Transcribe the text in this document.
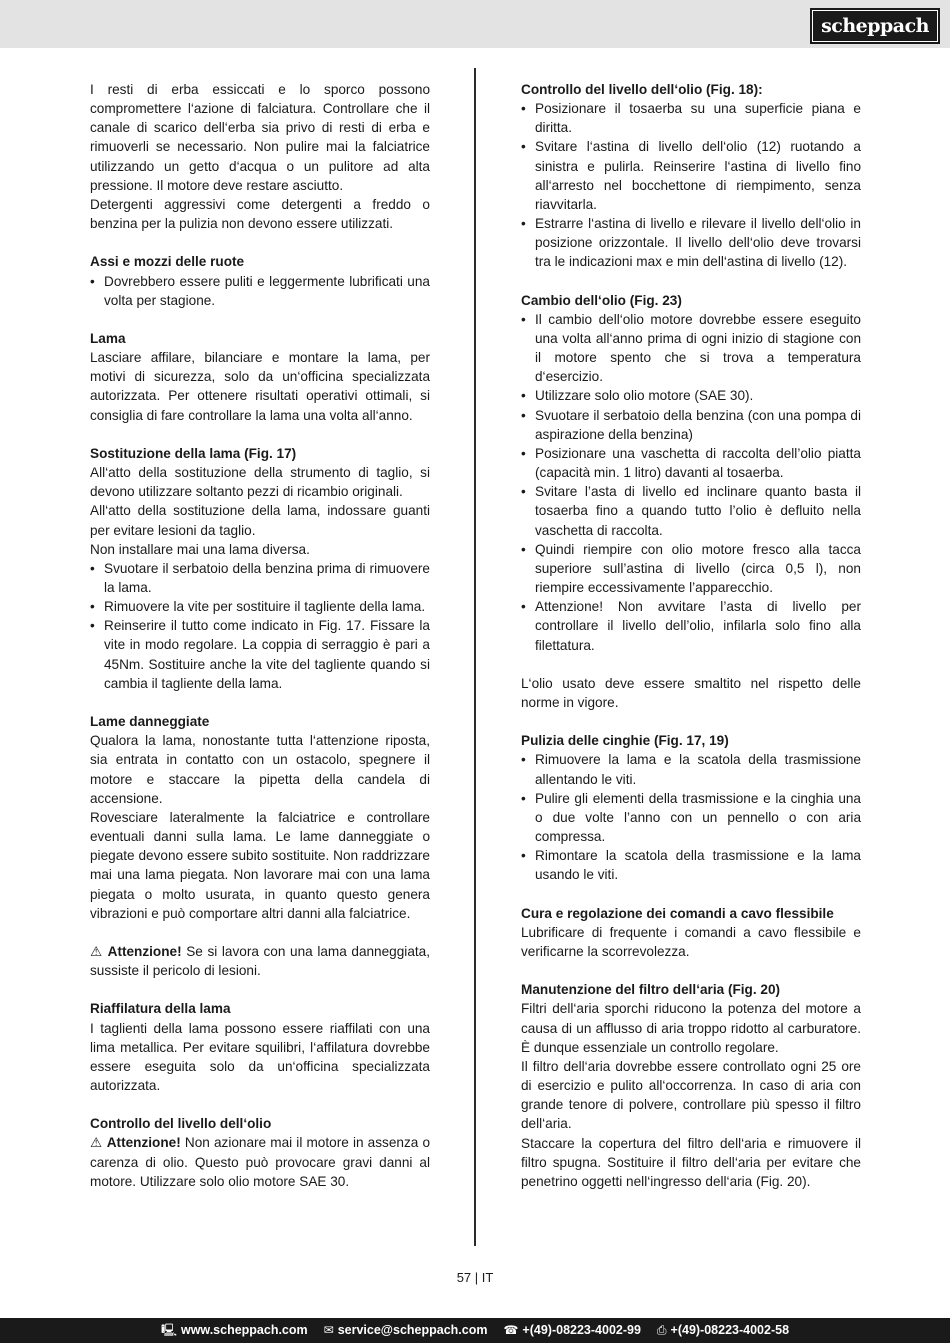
scheppach

I resti di erba essiccati e lo sporco possono compromettere l‘azione di falciatura. Controllare che il canale di scarico dell‘erba sia privo di resti di erba e rimuoverli se necessario. Non pulire mai la falciatrice utilizzando un getto d‘acqua o un pulitore ad alta pressione. Il motore deve restare asciutto.

Detergenti aggressivi come detergenti a freddo o benzina per la pulizia non devono essere utilizzati.

Assi e mozzi delle ruote

• Dovrebbero essere puliti e leggermente lubrificati una volta per stagione.

Lama

Lasciare affilare, bilanciare e montare la lama, per motivi di sicurezza, solo da un‘officina specializzata autorizzata. Per ottenere risultati operativi ottimali, si consiglia di fare controllare la lama una volta all‘anno.

Sostituzione della lama (Fig. 17)

All‘atto della sostituzione della strumento di taglio, si devono utilizzare soltanto pezzi di ricambio originali.

All‘atto della sostituzione della lama, indossare guanti per evitare lesioni da taglio.

Non installare mai una lama diversa.

• Svuotare il serbatoio della benzina prima di rimuovere la lama.
• Rimuovere la vite per sostituire il tagliente della lama.
• Reinserire il tutto come indicato in Fig. 17. Fissare la vite in modo regolare. La coppia di serraggio è pari a 45Nm. Sostituire anche la vite del tagliente quando si cambia il tagliente della lama.

Lame danneggiate

Qualora la lama, nonostante tutta l‘attenzione riposta, sia entrata in contatto con un ostacolo, spegnere il motore e staccare la pipetta della candela di accensione.

Rovesciare lateralmente la falciatrice e controllare eventuali danni sulla lama. Le lame danneggiate o piegate devono essere subito sostituite. Non raddrizzare mai una lama piegata. Non lavorare mai con una lama piegata o molto usurata, in quanto questo genera vibrazioni e può comportare altri danni alla falciatrice.

⚠ Attenzione! Se si lavora con una lama danneggiata, sussiste il pericolo di lesioni.

Riaffilatura della lama

I taglienti della lama possono essere riaffilati con una lima metallica. Per evitare squilibri, l‘affilatura dovrebbe essere eseguita solo da un‘officina specializzata autorizzata.

Controllo del livello dell‘olio

⚠ Attenzione! Non azionare mai il motore in assenza o carenza di olio. Questo può provocare gravi danni al motore. Utilizzare solo olio motore SAE 30.

Controllo del livello dell‘olio (Fig. 18):

• Posizionare il tosaerba su una superficie piana e diritta.
• Svitare l‘astina di livello dell‘olio (12) ruotando a sinistra e pulirla. Reinserire l‘astina di livello fino all‘arresto nel bocchettone di riempimento, senza riavvitarla.
• Estrarre l‘astina di livello e rilevare il livello dell‘olio in posizione orizzontale. Il livello dell‘olio deve trovarsi tra le indicazioni max e min dell‘astina di livello (12).

Cambio dell‘olio (Fig. 23)

• Il cambio dell‘olio motore dovrebbe essere eseguito una volta all‘anno prima di ogni inizio di stagione con il motore spento che si trova a temperatura d‘esercizio.
• Utilizzare solo olio motore (SAE 30).
• Svuotare il serbatoio della benzina (con una pompa di aspirazione della benzina)
• Posizionare una vaschetta di raccolta dell’olio piatta (capacità min. 1 litro) davanti al tosaerba.
• Svitare l’asta di livello ed inclinare quanto basta il tosaerba fino a quando tutto l’olio è defluito nella vaschetta di raccolta.
• Quindi riempire con olio motore fresco alla tacca superiore sull’astina di livello (circa 0,5 l), non riempire eccessivamente l’apparecchio.
• Attenzione! Non avvitare l’asta di livello per controllare il livello dell’olio, infilarla solo fino alla filettatura.

L‘olio usato deve essere smaltito nel rispetto delle norme in vigore.

Pulizia delle cinghie (Fig. 17, 19)

• Rimuovere la lama e la scatola della trasmissione allentando le viti.
• Pulire gli elementi della trasmissione e la cinghia una o due volte l’anno con un pennello o con aria compressa.
• Rimontare la scatola della trasmissione e la lama usando le viti.

Cura e regolazione dei comandi a cavo flessibile

Lubrificare di frequente i comandi a cavo flessibile e verificarne la scorrevolezza.

Manutenzione del filtro dell‘aria (Fig. 20)

Filtri dell‘aria sporchi riducono la potenza del motore a causa di un afflusso di aria troppo ridotto al carburatore. È dunque essenziale un controllo regolare.

Il filtro dell‘aria dovrebbe essere controllato ogni 25 ore di esercizio e pulito all‘occorrenza. In caso di aria con grande tenore di polvere, controllare più spesso il filtro dell‘aria.

Staccare la copertura del filtro dell‘aria e rimuovere il filtro spugna. Sostituire il filtro dell‘aria per evitare che penetrino oggetti nell‘ingresso dell‘aria (Fig. 20).

57 | IT
🖳︎ www.scheppach.com ✉ service@scheppach.com ☎ +(49)-08223-4002-99 ⎙ +(49)-08223-4002-58
